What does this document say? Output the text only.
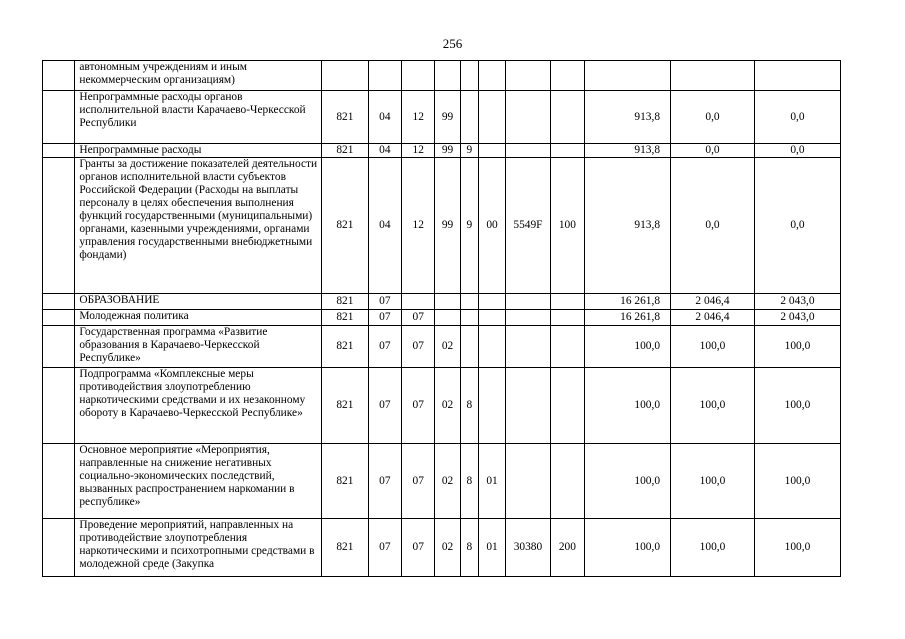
256
	автономным учреждениям и иным некоммерческим организациям)											
	Непрограммные расходы органов исполнительной власти Карачаево-Черкесской Республики	821	04	12	99					913,8	0,0	0,0
	Непрограммные расходы	821	04	12	99	9				913,8	0,0	0,0
	Гранты за достижение показателей деятельности органов исполнительной власти субъектов Российской Федерации (Расходы на выплаты персоналу в целях обеспечения выполнения функций государственными (муниципальными) органами, казенными учреждениями, органами управления государственными внебюджетными фондами)	821	04	12	99	9	00	5549F	100	913,8	0,0	0,0
	ОБРАЗОВАНИЕ	821	07							16 261,8	2 046,4	2 043,0
	Молодежная политика	821	07	07						16 261,8	2 046,4	2 043,0
	Государственная программа «Развитие образования в Карачаево-Черкесской Республике»	821	07	07	02					100,0	100,0	100,0
	Подпрограмма «Комплексные меры противодействия злоупотреблению наркотическими средствами и их незаконному обороту в Карачаево-Черкесской Республике»	821	07	07	02	8				100,0	100,0	100,0
	Основное мероприятие «Мероприятия, направленные на снижение негативных социально-экономических последствий, вызванных распространением наркомании в республике»	821	07	07	02	8	01			100,0	100,0	100,0
	Проведение мероприятий, направленных на противодействие злоупотребления наркотическими и психотропными средствами в молодежной среде (Закупка	821	07	07	02	8	01	30380	200	100,0	100,0	100,0
